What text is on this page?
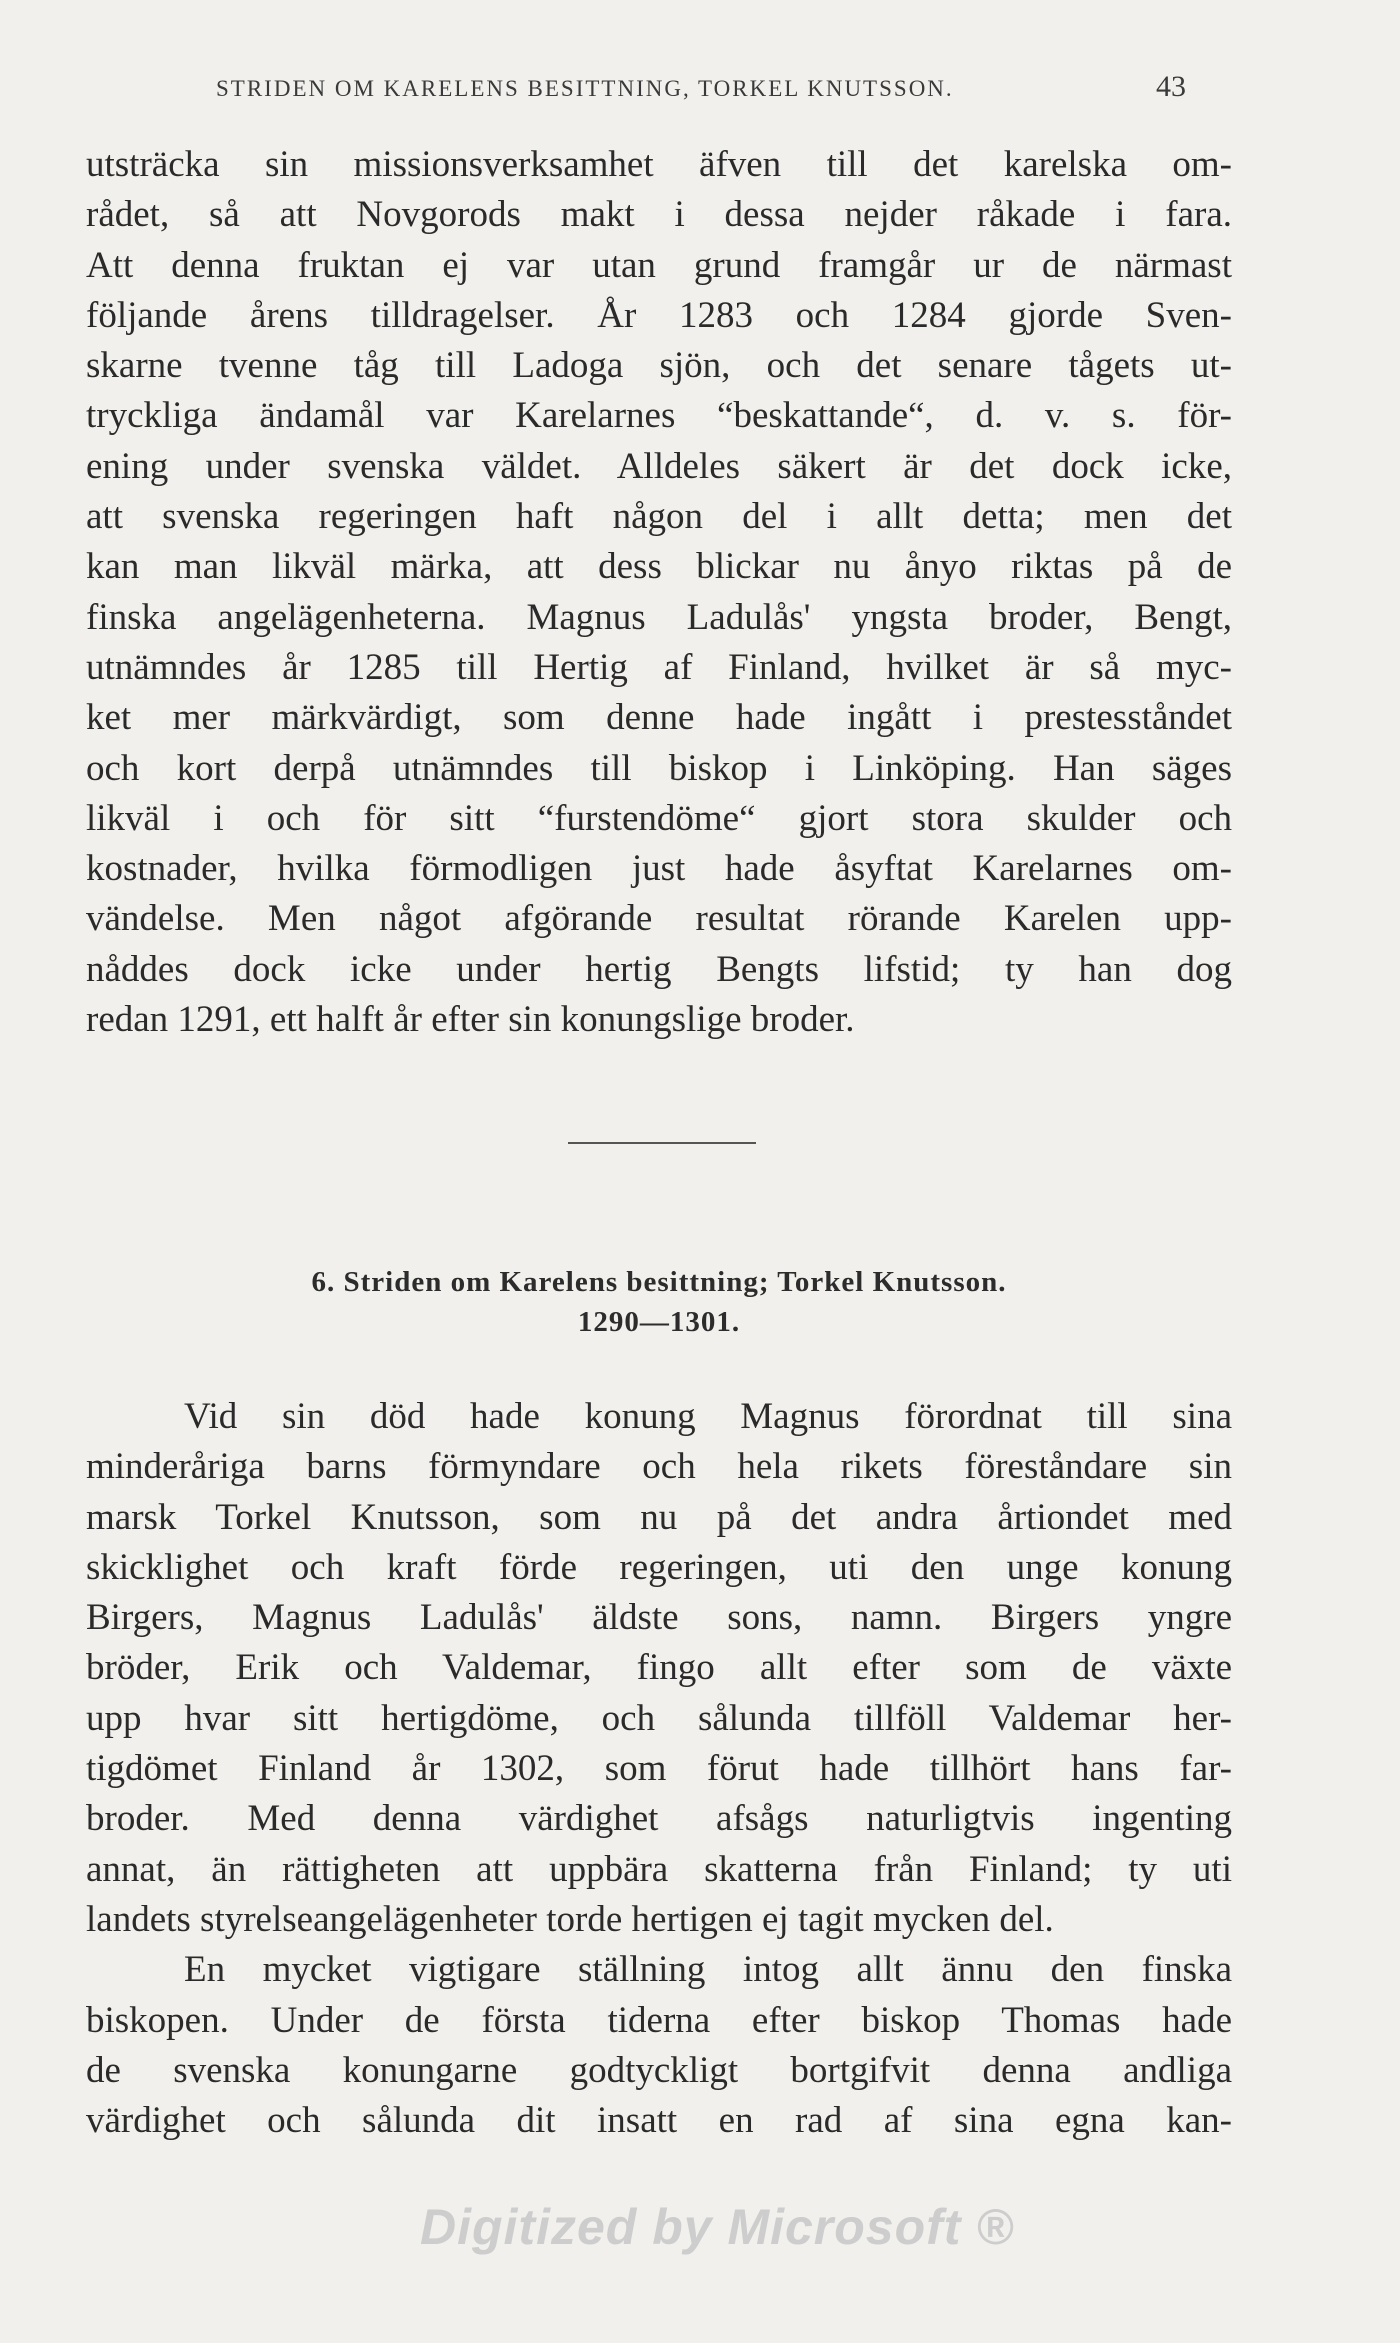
STRIDEN OM KARELENS BESITTNING, TORKEL KNUTSSON.	43
utsträcka sin missionsverksamhet äfven till det karelska om-
rådet, så att Novgorods makt i dessa nejder råkade i fara.
Att denna fruktan ej var utan grund framgår ur de närmast
följande årens tilldragelser. År 1283 och 1284 gjorde Sven-
skarne tvenne tåg till Ladoga sjön, och det senare tågets ut-
tryckliga ändamål var Karelarnes “beskattande“, d. v. s. för-
ening under svenska väldet. Alldeles säkert är det dock icke,
att svenska regeringen haft någon del i allt detta; men det
kan man likväl märka, att dess blickar nu ånyo riktas på de
finska angelägenheterna. Magnus Ladulås' yngsta broder, Bengt,
utnämndes år 1285 till Hertig af Finland, hvilket är så myc-
ket mer märkvärdigt, som denne hade ingått i prestesståndet
och kort derpå utnämndes till biskop i Linköping. Han säges
likväl i och för sitt “furstendöme“ gjort stora skulder och
kostnader, hvilka förmodligen just hade åsyftat Karelarnes om-
vändelse. Men något afgörande resultat rörande Karelen upp-
nåddes dock icke under hertig Bengts lifstid; ty han dog
redan 1291, ett halft år efter sin konungslige broder.
6. Striden om Karelens besittning; Torkel Knutsson.
1290—1301.
Vid sin död hade konung Magnus förordnat till sina
minderåriga barns förmyndare och hela rikets föreståndare sin
marsk Torkel Knutsson, som nu på det andra årtiondet med
skicklighet och kraft förde regeringen, uti den unge konung
Birgers, Magnus Ladulås' äldste sons, namn. Birgers yngre
bröder, Erik och Valdemar, fingo allt efter som de växte
upp hvar sitt hertigdöme, och sålunda tillföll Valdemar her-
tigdömet Finland år 1302, som förut hade tillhört hans far-
broder. Med denna värdighet afsågs naturligtvis ingenting
annat, än rättigheten att uppbära skatterna från Finland; ty uti
landets styrelseangelägenheter torde hertigen ej tagit mycken del.
En mycket vigtigare ställning intog allt ännu den finska
biskopen. Under de första tiderna efter biskop Thomas hade
de svenska konungarne godtyckligt bortgifvit denna andliga
värdighet och sålunda dit insatt en rad af sina egna kan-
Digitized by Microsoft ®
